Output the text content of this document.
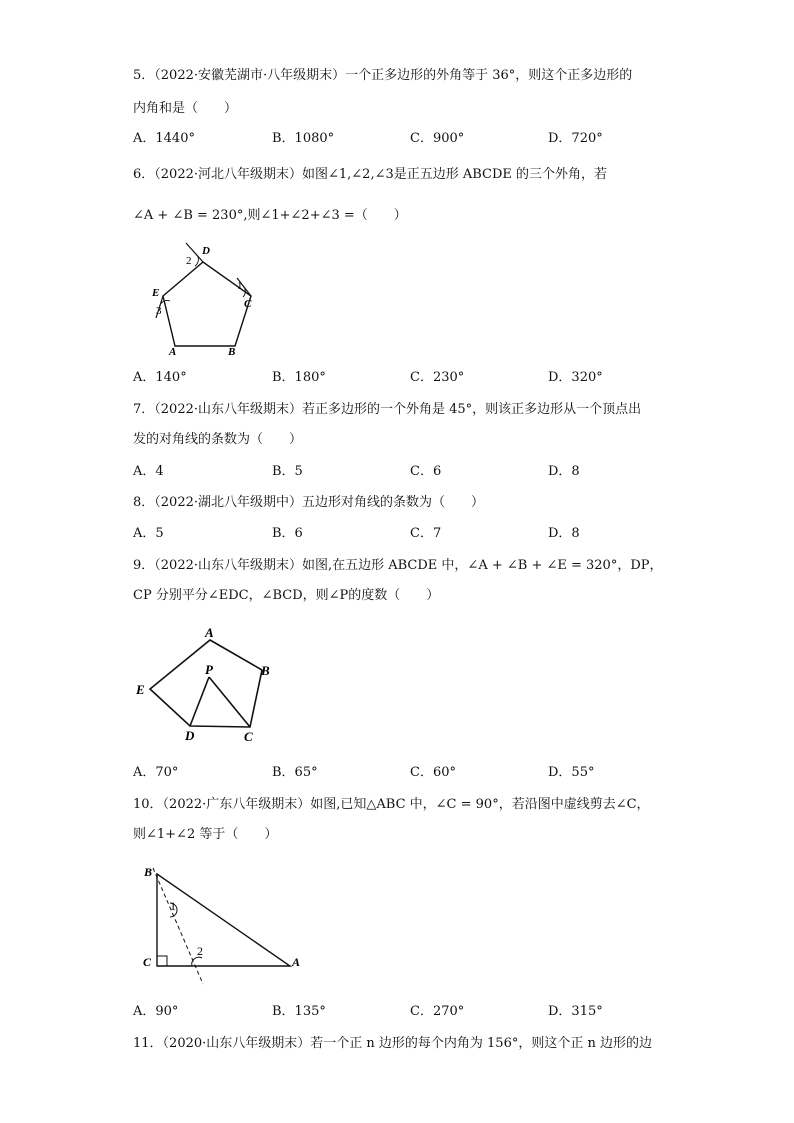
5．（2022·安徽芜湖市·八年级期末）一个正多边形的外角等于 36°，则这个正多边形的
内角和是（　　）
A．1440°	B．1080°	C．900°	D．720°
6．（2022·河北八年级期末）如图∠1,∠2,∠3是正五边形 ABCDE 的三个外角，若
∠A + ∠B = 230°,则∠1+∠2+∠3 =（　　）
D
2
1
C
E
3
A	B
A．140°	B．180°	C．230°	D．320°
7．（2022·山东八年级期末）若正多边形的一个外角是 45°，则该正多边形从一个顶点出
发的对角线的条数为（　　）
A．4	B．5	C．6	D．8
8．（2022·湖北八年级期中）五边形对角线的条数为（　　）
A．5	B．6	C．7	D．8
9．（2022·山东八年级期末）如图,在五边形 ABCDE 中，∠A + ∠B + ∠E = 320°，DP，
CP 分别平分∠EDC，∠BCD，则∠P的度数（　　）
A
B
C
D
E
P
A．70°	B．65°	C．60°	D．55°
10．（2022·广东八年级期末）如图,已知△ABC 中，∠C = 90°，若沿图中虚线剪去∠C，
则∠1+∠2 等于（　　）
1
2
B
C	A
A．90°	B．135°	C．270°	D．315°
11．（2020·山东八年级期末）若一个正 n 边形的每个内角为 156°，则这个正 n 边形的边
